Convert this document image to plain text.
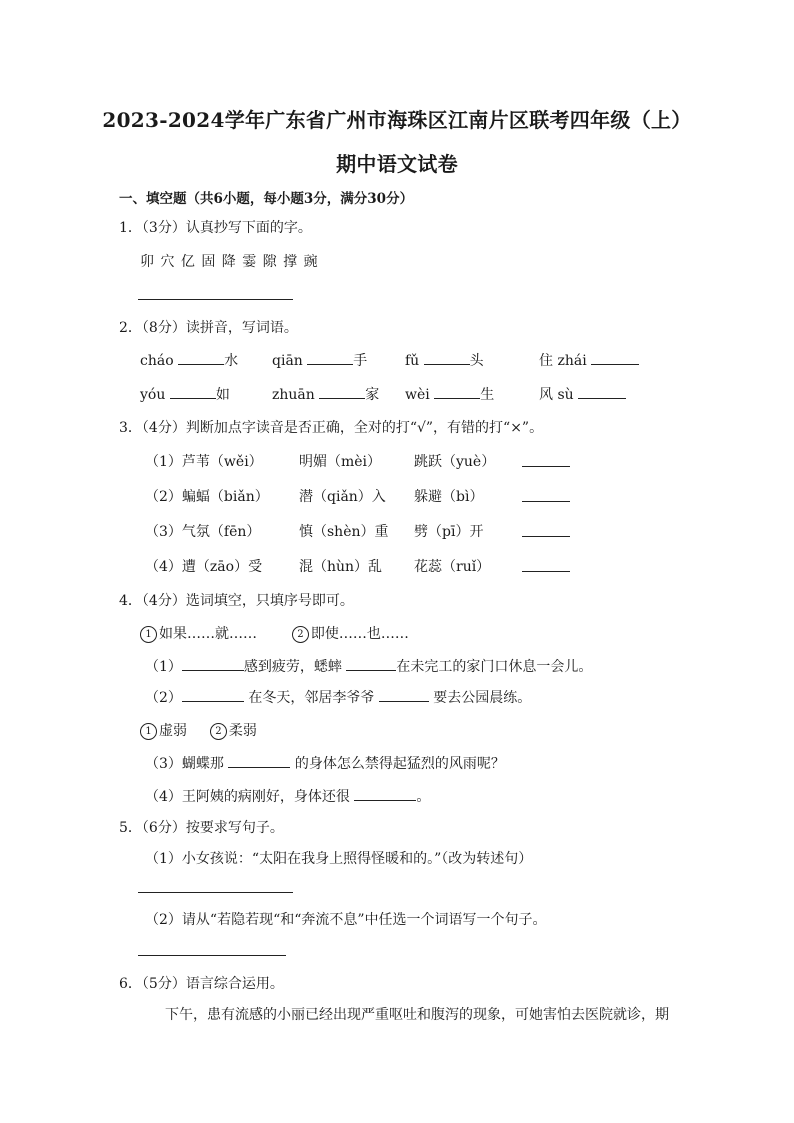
2023-2024学年广东省广州市海珠区江南片区联考四年级（上）
期中语文试卷
一、填空题（共6小题，每小题3分，满分30分）
1．（3分）认真抄写下面的字。
卯 穴 亿 固 降 霎 隙 撑 豌
2．（8分）读拼音，写词语。
cháo	水 qiān	手	fǔ	头	住 zhái
yóu	如	zhuān	家 wèi	生	风 sù
3．（4分）判断加点字读音是否正确，全对的打“√”，有错的打“×”。
（1）芦苇（wěi）	明媚（mèi） 跳跃（yuè）
（2）蝙蝠（biǎn） 潜（qiǎn）入 躲避（bì）
（3）气氛（fēn）	慎（shèn）重 劈（pī）开
（4）遭（zāo）受	混（hùn）乱 花蕊（ruǐ）
4．（4分）选词填空，只填序号即可。
1 如果……就……	2 即使……也……
（1）	感到疲劳，蟋蟀	在未完工的家门口休息一会儿。
（2）	在冬天，邻居李爷爷	要去公园晨练。
1 虚弱	2 柔弱
（3）蝴蝶那	的身体怎么禁得起猛烈的风雨呢？
（4）王阿姨的病刚好，身体还很	。
5．（6分）按要求写句子。
（1）小女孩说：“太阳在我身上照得怪暖和的。”（改为转述句）
（2）请从“若隐若现“和“奔流不息”中任选一个词语写一个句子。
6．（5分）语言综合运用。
下午，患有流感的小丽已经出现严重呕吐和腹泻的现象，可她害怕去医院就诊，期
